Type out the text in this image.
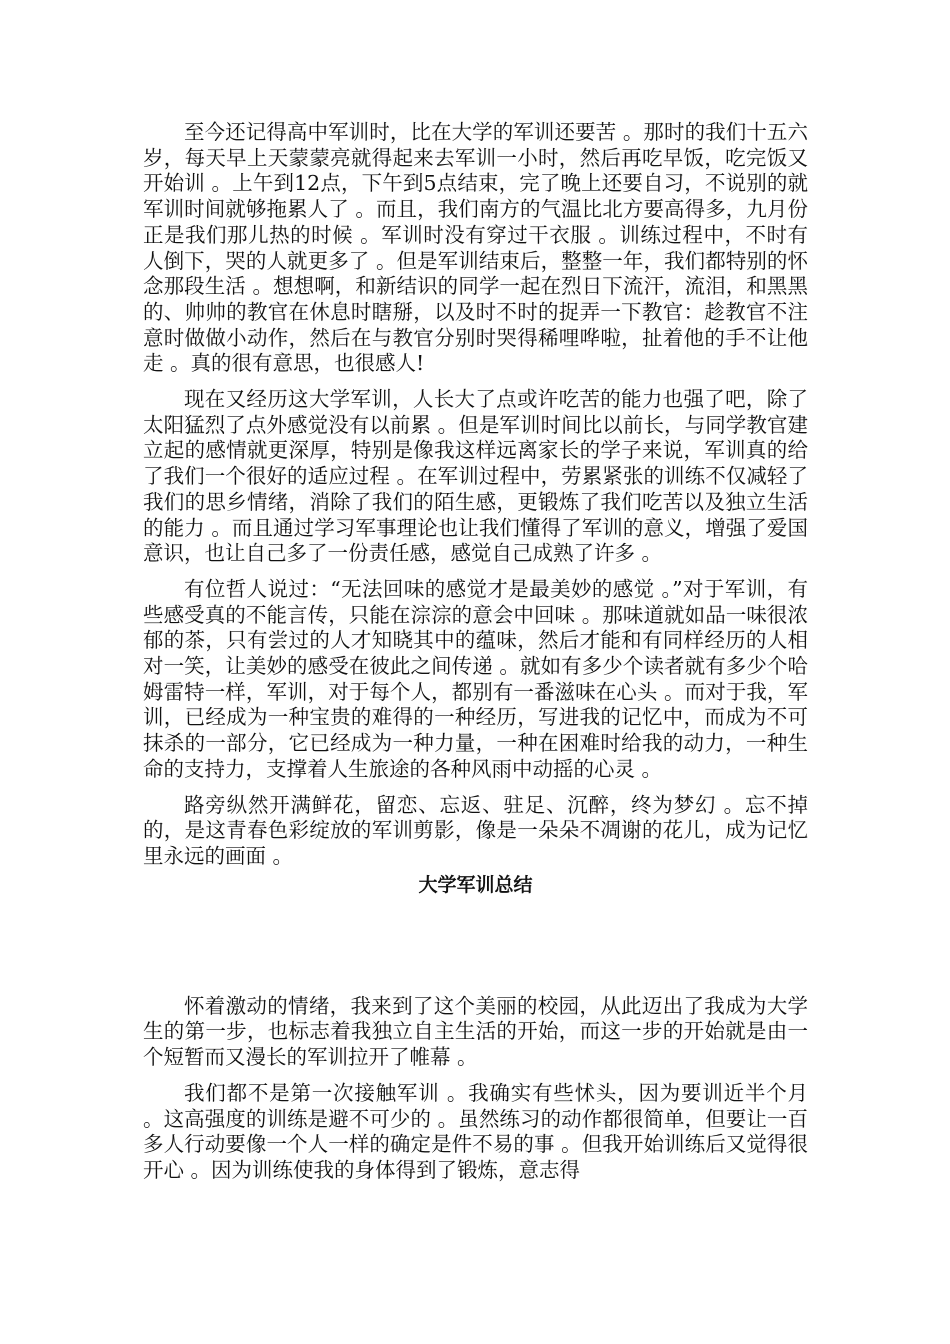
至今还记得高中军训时，比在大学的军训还要苦 。那时的我们十五六岁，每天早上天蒙蒙亮就得起来去军训一小时，然后再吃早饭，吃完饭又开始训 。上午到12点，下午到5点结束，完了晚上还要自习，不说别的就军训时间就够拖累人了 。而且，我们南方的气温比北方要高得多，九月份正是我们那儿热的时候 。军训时没有穿过干衣服 。训练过程中，不时有人倒下，哭的人就更多了 。但是军训结束后，整整一年，我们都特别的怀念那段生活 。想想啊，和新结识的同学一起在烈日下流汗，流泪，和黑黑的、帅帅的教官在休息时瞎掰，以及时不时的捉弄一下教官：趁教官不注意时做做小动作，然后在与教官分别时哭得稀哩哗啦，扯着他的手不让他走 。真的很有意思，也很感人!

现在又经历这大学军训，人长大了点或许吃苦的能力也强了吧，除了太阳猛烈了点外感觉没有以前累 。但是军训时间比以前长，与同学教官建立起的感情就更深厚，特别是像我这样远离家长的学子来说，军训真的给了我们一个很好的适应过程 。在军训过程中，劳累紧张的训练不仅减轻了我们的思乡情绪，消除了我们的陌生感，更锻炼了我们吃苦以及独立生活的能力 。而且通过学习军事理论也让我们懂得了军训的意义，增强了爱国意识，也让自己多了一份责任感，感觉自己成熟了许多 。

有位哲人说过：“无法回味的感觉才是最美妙的感觉 。”对于军训，有些感受真的不能言传，只能在淙淙的意会中回味 。那味道就如品一味很浓郁的茶，只有尝过的人才知晓其中的蕴味，然后才能和有同样经历的人相对一笑，让美妙的感受在彼此之间传递 。就如有多少个读者就有多少个哈姆雷特一样，军训，对于每个人，都别有一番滋味在心头 。而对于我，军训，已经成为一种宝贵的难得的一种经历，写进我的记忆中，而成为不可抹杀的一部分，它已经成为一种力量，一种在困难时给我的动力，一种生命的支持力，支撑着人生旅途的各种风雨中动摇的心灵 。

路旁纵然开满鲜花，留恋、忘返、驻足、沉醉，终为梦幻 。忘不掉的，是这青春色彩绽放的军训剪影，像是一朵朵不凋谢的花儿，成为记忆里永远的画面 。

大学军训总结

怀着激动的情绪，我来到了这个美丽的校园，从此迈出了我成为大学生的第一步，也标志着我独立自主生活的开始，而这一步的开始就是由一个短暂而又漫长的军训拉开了帷幕 。

我们都不是第一次接触军训 。我确实有些怵头，因为要训近半个月 。这高强度的训练是避不可少的 。虽然练习的动作都很简单，但要让一百多人行动要像一个人一样的确定是件不易的事 。但我开始训练后又觉得很开心 。因为训练使我的身体得到了锻炼，意志得
